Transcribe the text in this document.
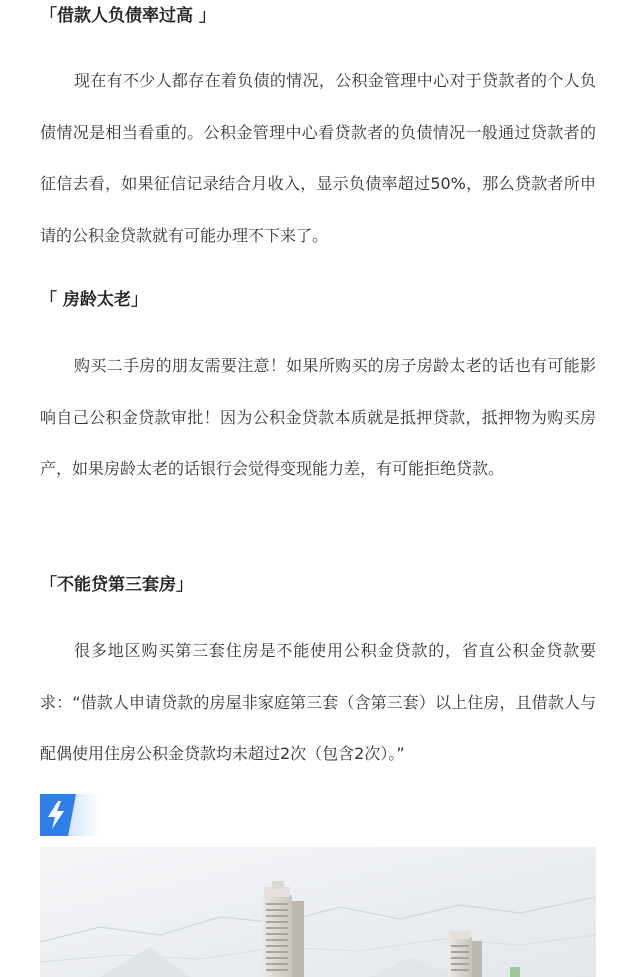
「借款人负债率过高 」

现在有不少人都存在着负债的情况，公积金管理中心对于贷款者的个人负债情况是相当看重的。公积金管理中心看贷款者的负债情况一般通过贷款者的征信去看，如果征信记录结合月收入，显示负债率超过50%，那么贷款者所申请的公积金贷款就有可能办理不下来了。

「 房龄太老」

购买二手房的朋友需要注意！如果所购买的房子房龄太老的话也有可能影响自己公积金贷款审批！因为公积金贷款本质就是抵押贷款，抵押物为购买房产，如果房龄太老的话银行会觉得变现能力差，有可能拒绝贷款。

「不能贷第三套房」

很多地区购买第三套住房是不能使用公积金贷款的，省直公积金贷款要求：“借款人申请贷款的房屋非家庭第三套（含第三套）以上住房，且借款人与配偶使用住房公积金贷款均未超过2次（包含2次）。”
